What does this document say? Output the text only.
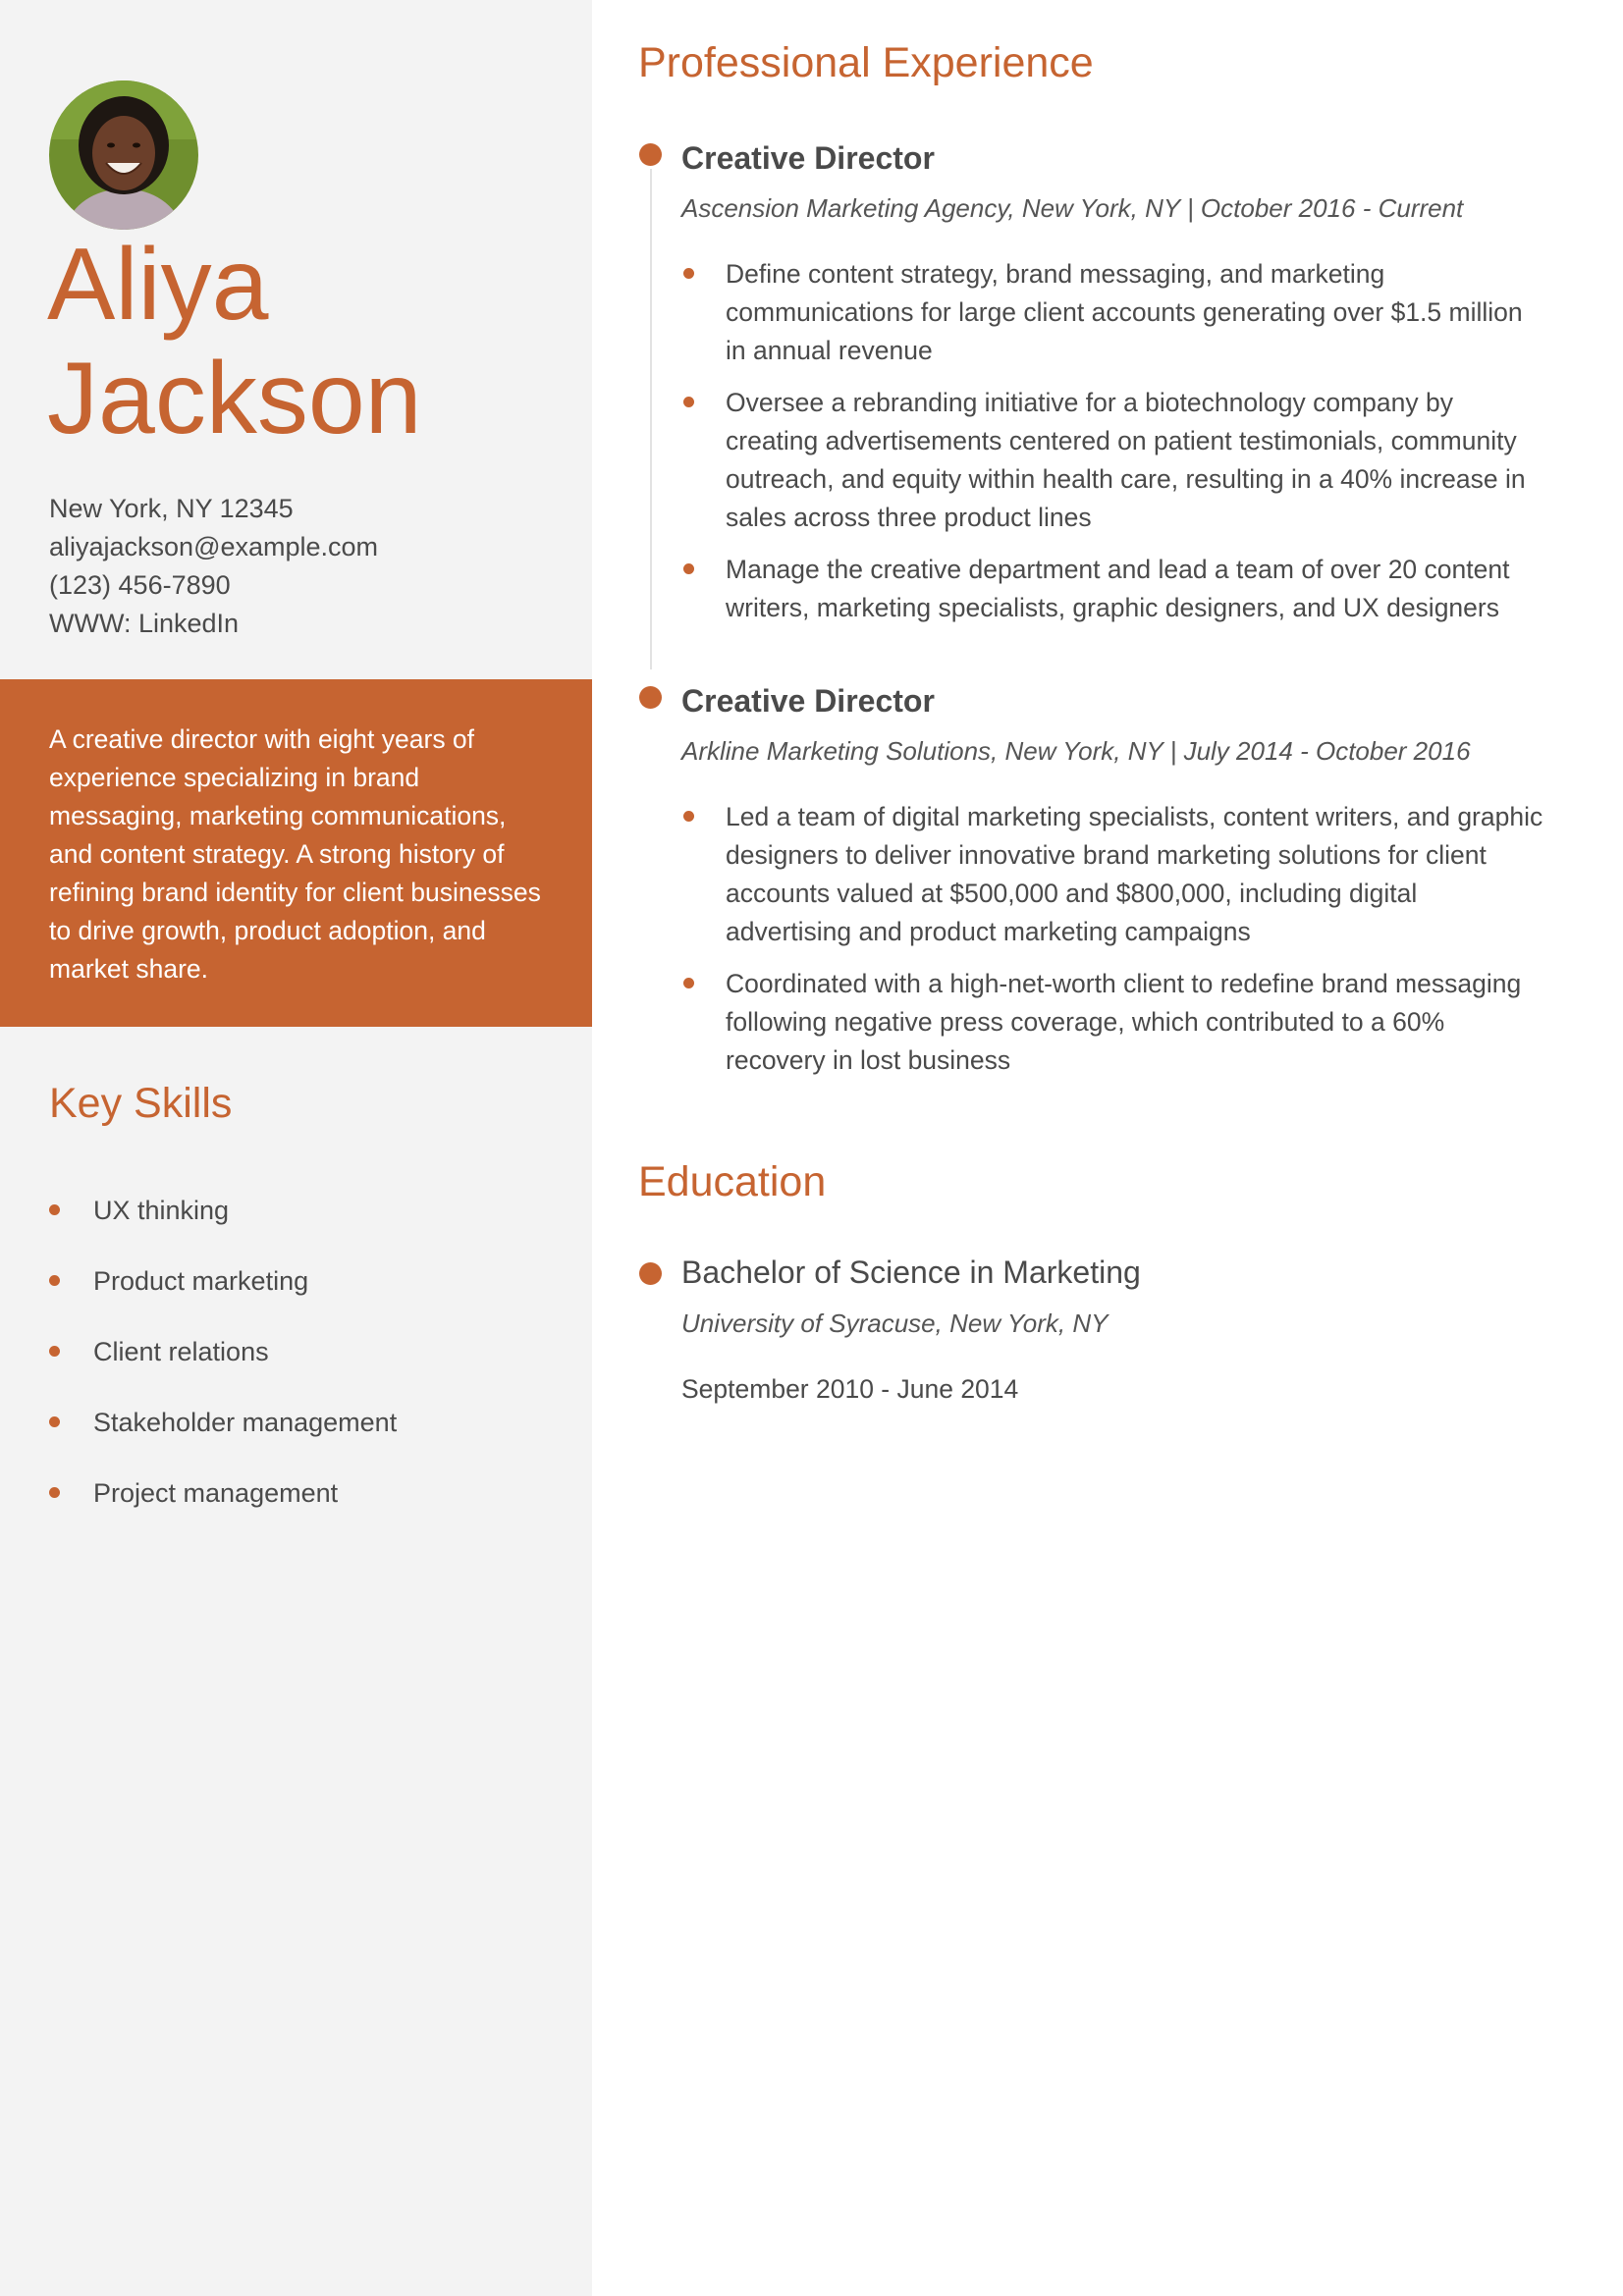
Aliya
Jackson
New York, NY 12345
aliyajackson@example.com
(123) 456-7890
WWW: LinkedIn
A creative director with eight years of experience specializing in brand messaging, marketing communications, and content strategy. A strong history of refining brand identity for client businesses to drive growth, product adoption, and market share.
Key Skills
UX thinking
Product marketing
Client relations
Stakeholder management
Project management
Professional Experience
Creative Director
Ascension Marketing Agency, New York, NY | October 2016 - Current
Define content strategy, brand messaging, and marketing communications for large client accounts generating over $1.5 million in annual revenue
Oversee a rebranding initiative for a biotechnology company by creating advertisements centered on patient testimonials, community outreach, and equity within health care, resulting in a 40% increase in sales across three product lines
Manage the creative department and lead a team of over 20 content writers, marketing specialists, graphic designers, and UX designers
Creative Director
Arkline Marketing Solutions, New York, NY | July 2014 - October 2016
Led a team of digital marketing specialists, content writers, and graphic designers to deliver innovative brand marketing solutions for client accounts valued at $500,000 and $800,000, including digital advertising and product marketing campaigns
Coordinated with a high-net-worth client to redefine brand messaging following negative press coverage, which contributed to a 60% recovery in lost business
Education
Bachelor of Science in Marketing
University of Syracuse, New York, NY
September 2010 - June 2014
